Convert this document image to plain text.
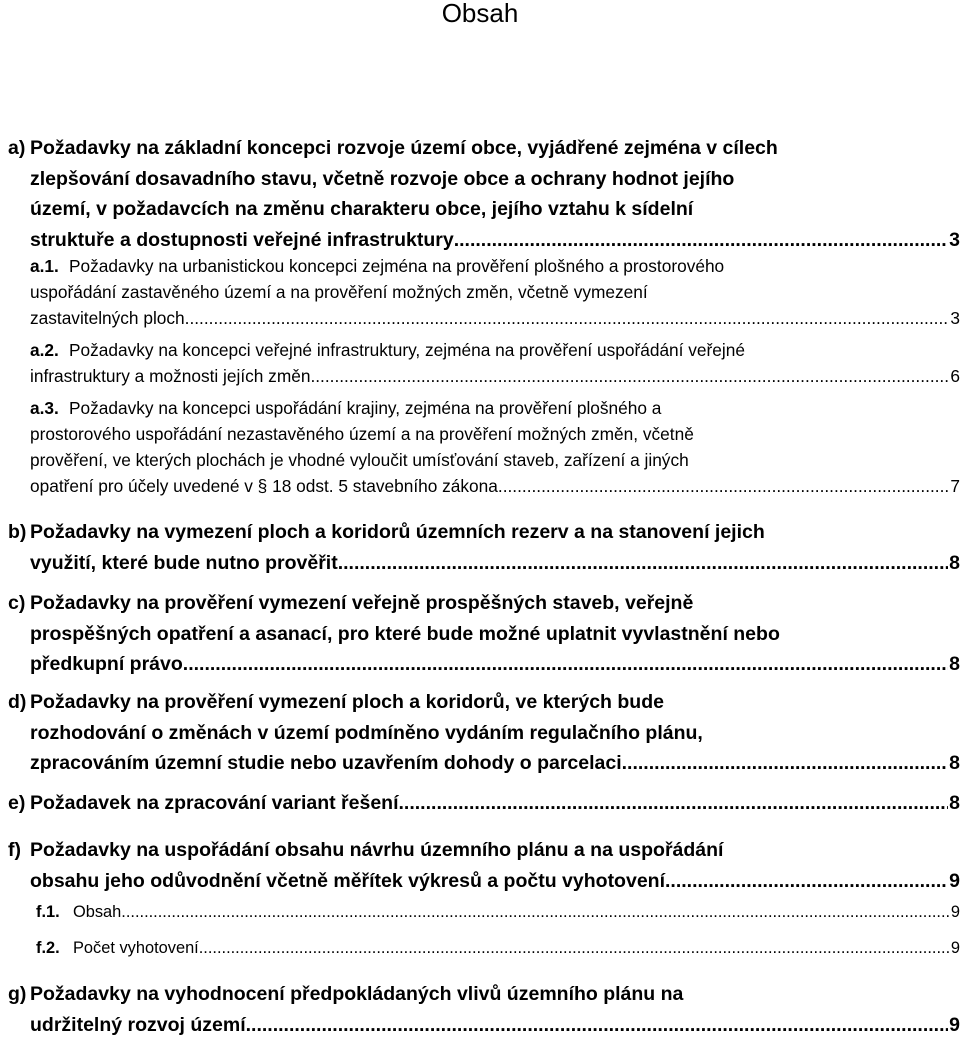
Obsah
a) Požadavky na základní koncepci rozvoje území obce, vyjádřené zejména v cílech
zlepšování dosavadního stavu, včetně rozvoje obce a ochrany hodnot jejího
území, v požadavcích na změnu charakteru obce, jejího vztahu k sídelní
struktuře a dostupnosti veřejné infrastruktury .....	3
a.1. Požadavky na urbanistickou koncepci zejména na prověření plošného a prostorového
uspořádání zastavěného území a na prověření možných změn, včetně vymezení
zastavitelných ploch .....	3
a.2. Požadavky na koncepci veřejné infrastruktury, zejména na prověření uspořádání veřejné
infrastruktury a možnosti jejích změn .....	6
a.3. Požadavky na koncepci uspořádání krajiny, zejména na prověření plošného a
prostorového uspořádání nezastavěného území a na prověření možných změn, včetně
prověření, ve kterých plochách je vhodné vyloučit umísťování staveb, zařízení a jiných
opatření pro účely uvedené v § 18 odst. 5 stavebního zákona .....	7
b) Požadavky na vymezení ploch a koridorů územních rezerv a na stanovení jejich
využití, které bude nutno prověřit .....	8
c) Požadavky na prověření vymezení veřejně prospěšných staveb, veřejně
prospěšných opatření a asanací, pro které bude možné uplatnit vyvlastnění nebo
předkupní právo .....	8
d) Požadavky na prověření vymezení ploch a koridorů, ve kterých bude
rozhodování o změnách v území podmíněno vydáním regulačního plánu,
zpracováním územní studie nebo uzavřením dohody o parcelaci .....	8
e) Požadavek na zpracování variant řešení .....	8
f) Požadavky na uspořádání obsahu návrhu územního plánu a na uspořádání
obsahu jeho odůvodnění včetně měřítek výkresů a počtu vyhotovení .....	9
f.1. Obsah .....	9
f.2. Počet vyhotovení .....	9
g) Požadavky na vyhodnocení předpokládaných vlivů územního plánu na
udržitelný rozvoj území .....	9
